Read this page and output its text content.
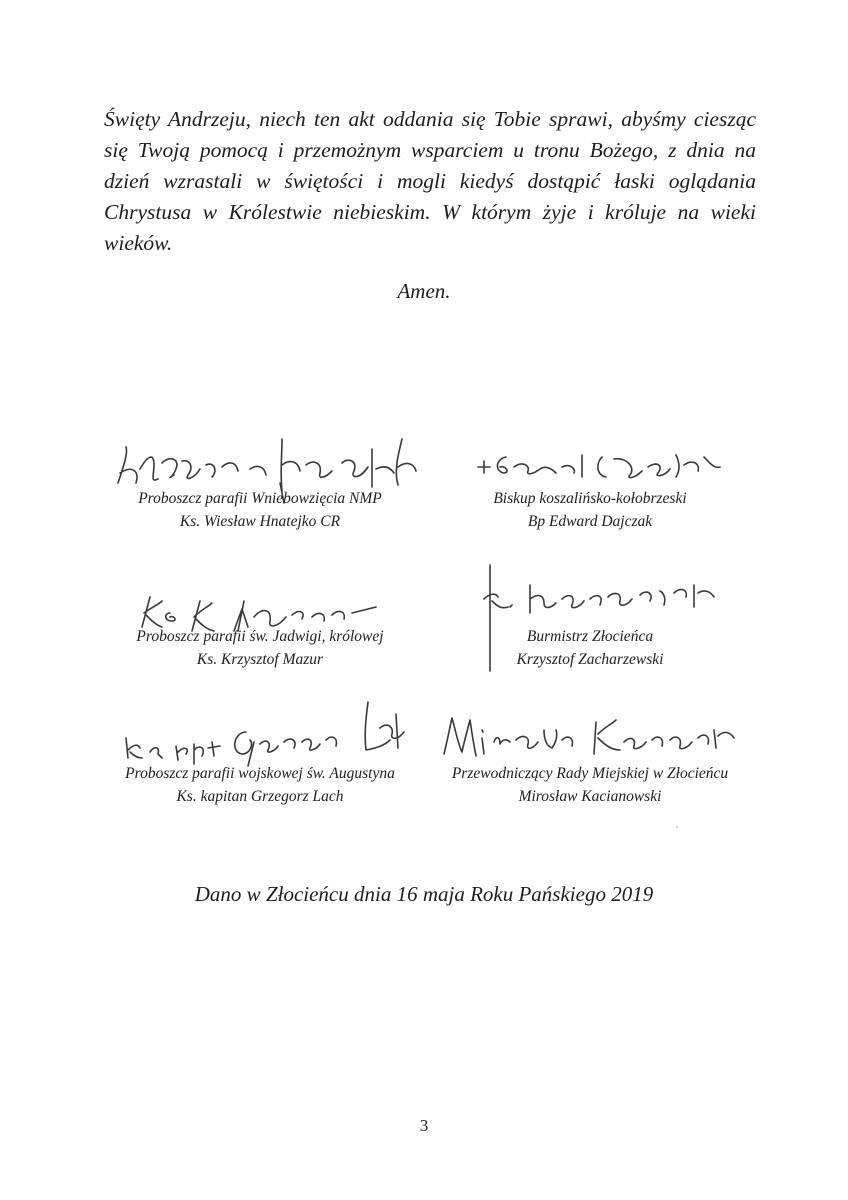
Święty Andrzeju, niech ten akt oddania się Tobie sprawi, abyśmy ciesząc się Twoją pomocą i przemożnym wsparciem u tronu Bożego, z dnia na dzień wzrastali w świętości i mogli kiedyś dostąpić łaski oglądania Chrystusa w Królestwie niebieskim. W którym żyje i króluje na wieki wieków.

Amen.
Proboszcz parafii Wniebowzięcia NMP
Ks. Wiesław Hnatejko CR
Biskup koszalińsko-kołobrzeski
Bp Edward Dajczak
Proboszcz parafii św. Jadwigi, królowej
Ks. Krzysztof Mazur
Burmistrz Złocieńca
Krzysztof Zacharzewski
Proboszcz parafii wojskowej św. Augustyna
Ks. kapitan Grzegorz Lach
Przewodniczący Rady Miejskiej w Złocieńcu
Mirosław Kacianowski
Dano w Złocieńcu dnia 16 maja Roku Pańskiego 2019
3
